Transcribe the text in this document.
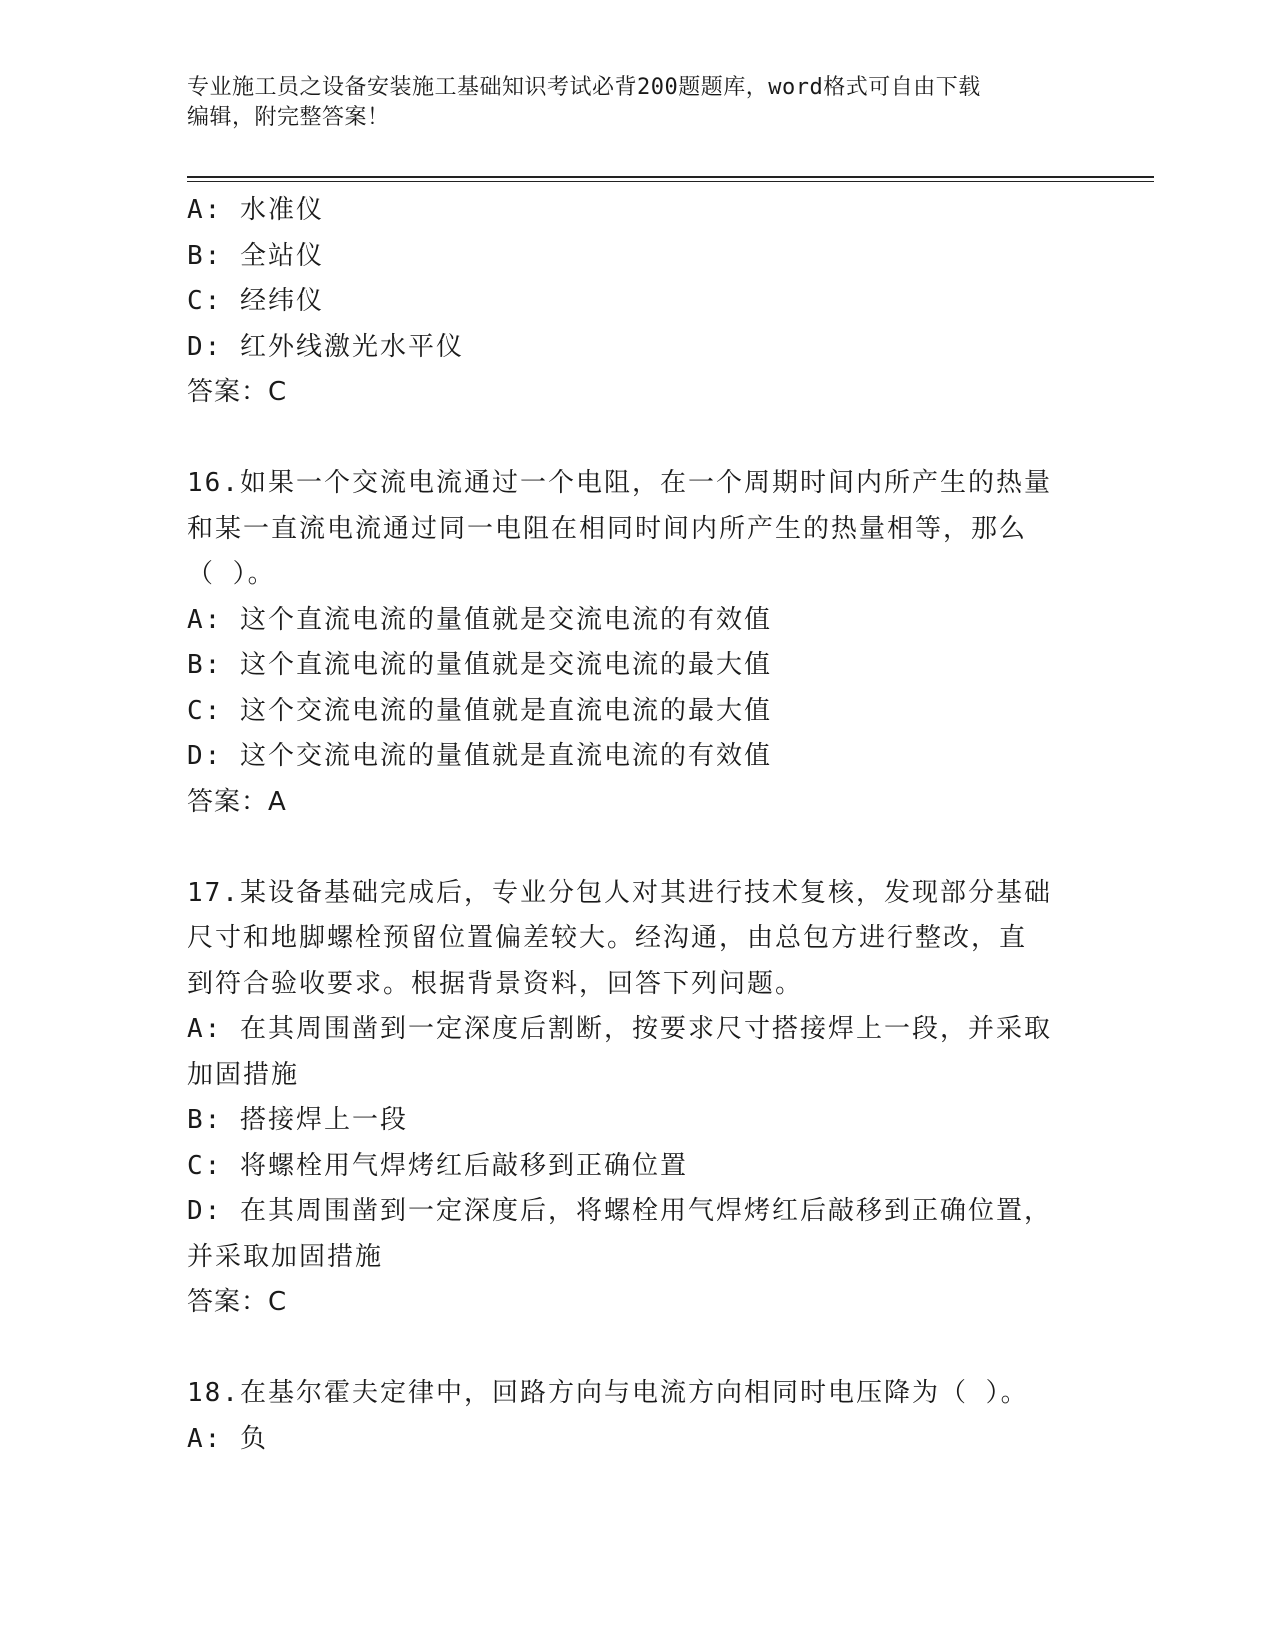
专业施工员之设备安装施工基础知识考试必背200题题库，word格式可自由下载
编辑，附完整答案！
A: 水准仪
B: 全站仪
C: 经纬仪
D: 红外线激光水平仪
答案：C
16.如果一个交流电流通过一个电阻，在一个周期时间内所产生的热量
和某一直流电流通过同一电阻在相同时间内所产生的热量相等，那么
（ ）。
A: 这个直流电流的量值就是交流电流的有效值
B: 这个直流电流的量值就是交流电流的最大值
C: 这个交流电流的量值就是直流电流的最大值
D: 这个交流电流的量值就是直流电流的有效值
答案：A
17.某设备基础完成后，专业分包人对其进行技术复核，发现部分基础
尺寸和地脚螺栓预留位置偏差较大。经沟通，由总包方进行整改，直
到符合验收要求。根据背景资料，回答下列问题。
A: 在其周围凿到一定深度后割断，按要求尺寸搭接焊上一段，并采取
加固措施
B: 搭接焊上一段
C: 将螺栓用气焊烤红后敲移到正确位置
D: 在其周围凿到一定深度后，将螺栓用气焊烤红后敲移到正确位置，
并采取加固措施
答案：C
18.在基尔霍夫定律中，回路方向与电流方向相同时电压降为（ ）。
A: 负
